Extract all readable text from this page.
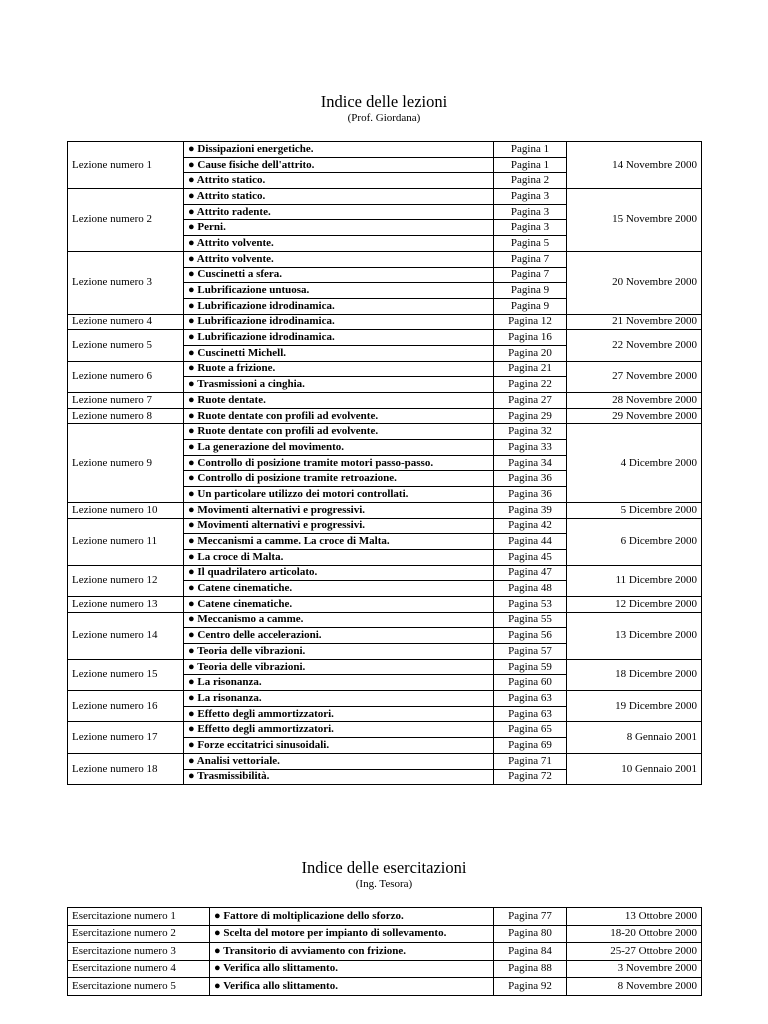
Indice delle lezioni
(Prof. Giordana)
Lezione numero 1	● Dissipazioni energetiche.	Pagina 1	14 Novembre 2000
	● Cause fisiche dell'attrito.	Pagina 1	
	● Attrito statico.	Pagina 2	
Lezione numero 2	● Attrito statico.	Pagina 3	15 Novembre 2000
	● Attrito radente.	Pagina 3	
	● Perni.	Pagina 3	
	● Attrito volvente.	Pagina 5	
Lezione numero 3	● Attrito volvente.	Pagina 7	20 Novembre 2000
	● Cuscinetti a sfera.	Pagina 7	
	● Lubrificazione untuosa.	Pagina 9	
	● Lubrificazione idrodinamica.	Pagina 9	
Lezione numero 4	● Lubrificazione idrodinamica.	Pagina 12	21 Novembre 2000
Lezione numero 5	● Lubrificazione idrodinamica.	Pagina 16	22 Novembre 2000
	● Cuscinetti Michell.	Pagina 20	
Lezione numero 6	● Ruote a frizione.	Pagina 21	27 Novembre 2000
	● Trasmissioni a cinghia.	Pagina 22	
Lezione numero 7	● Ruote dentate.	Pagina 27	28 Novembre 2000
Lezione numero 8	● Ruote dentate con profili ad evolvente.	Pagina 29	29 Novembre 2000
Lezione numero 9	● Ruote dentate con profili ad evolvente.	Pagina 32	4 Dicembre 2000
	● La generazione del movimento.	Pagina 33	
	● Controllo di posizione tramite motori passo-passo.	Pagina 34	
	● Controllo di posizione tramite retroazione.	Pagina 36	
	● Un particolare utilizzo dei motori controllati.	Pagina 36	
Lezione numero 10	● Movimenti alternativi e progressivi.	Pagina 39	5 Dicembre 2000
Lezione numero 11	● Movimenti alternativi e progressivi.	Pagina 42	6 Dicembre 2000
	● Meccanismi a camme. La croce di Malta.	Pagina 44	
	● La croce di Malta.	Pagina 45	
Lezione numero 12	● Il quadrilatero articolato.	Pagina 47	11 Dicembre 2000
	● Catene cinematiche.	Pagina 48	
Lezione numero 13	● Catene cinematiche.	Pagina 53	12 Dicembre 2000
Lezione numero 14	● Meccanismo a camme.	Pagina 55	13 Dicembre 2000
	● Centro delle accelerazioni.	Pagina 56	
	● Teoria delle vibrazioni.	Pagina 57	
Lezione numero 15	● Teoria delle vibrazioni.	Pagina 59	18 Dicembre 2000
	● La risonanza.	Pagina 60	
Lezione numero 16	● La risonanza.	Pagina 63	19 Dicembre 2000
	● Effetto degli ammortizzatori.	Pagina 63	
Lezione numero 17	● Effetto degli ammortizzatori.	Pagina 65	8 Gennaio 2001
	● Forze eccitatrici sinusoidali.	Pagina 69	
Lezione numero 18	● Analisi vettoriale.	Pagina 71	10 Gennaio 2001
	● Trasmissibilità.	Pagina 72	
Indice delle esercitazioni
(Ing. Tesora)
Esercitazione numero 1	● Fattore di moltiplicazione dello sforzo.	Pagina 77	13 Ottobre 2000
Esercitazione numero 2	● Scelta del motore per impianto di sollevamento.	Pagina 80	18-20 Ottobre 2000
Esercitazione numero 3	● Transitorio di avviamento con frizione.	Pagina 84	25-27 Ottobre 2000
Esercitazione numero 4	● Verifica allo slittamento.	Pagina 88	3 Novembre 2000
Esercitazione numero 5	● Verifica allo slittamento.	Pagina 92	8 Novembre 2000
